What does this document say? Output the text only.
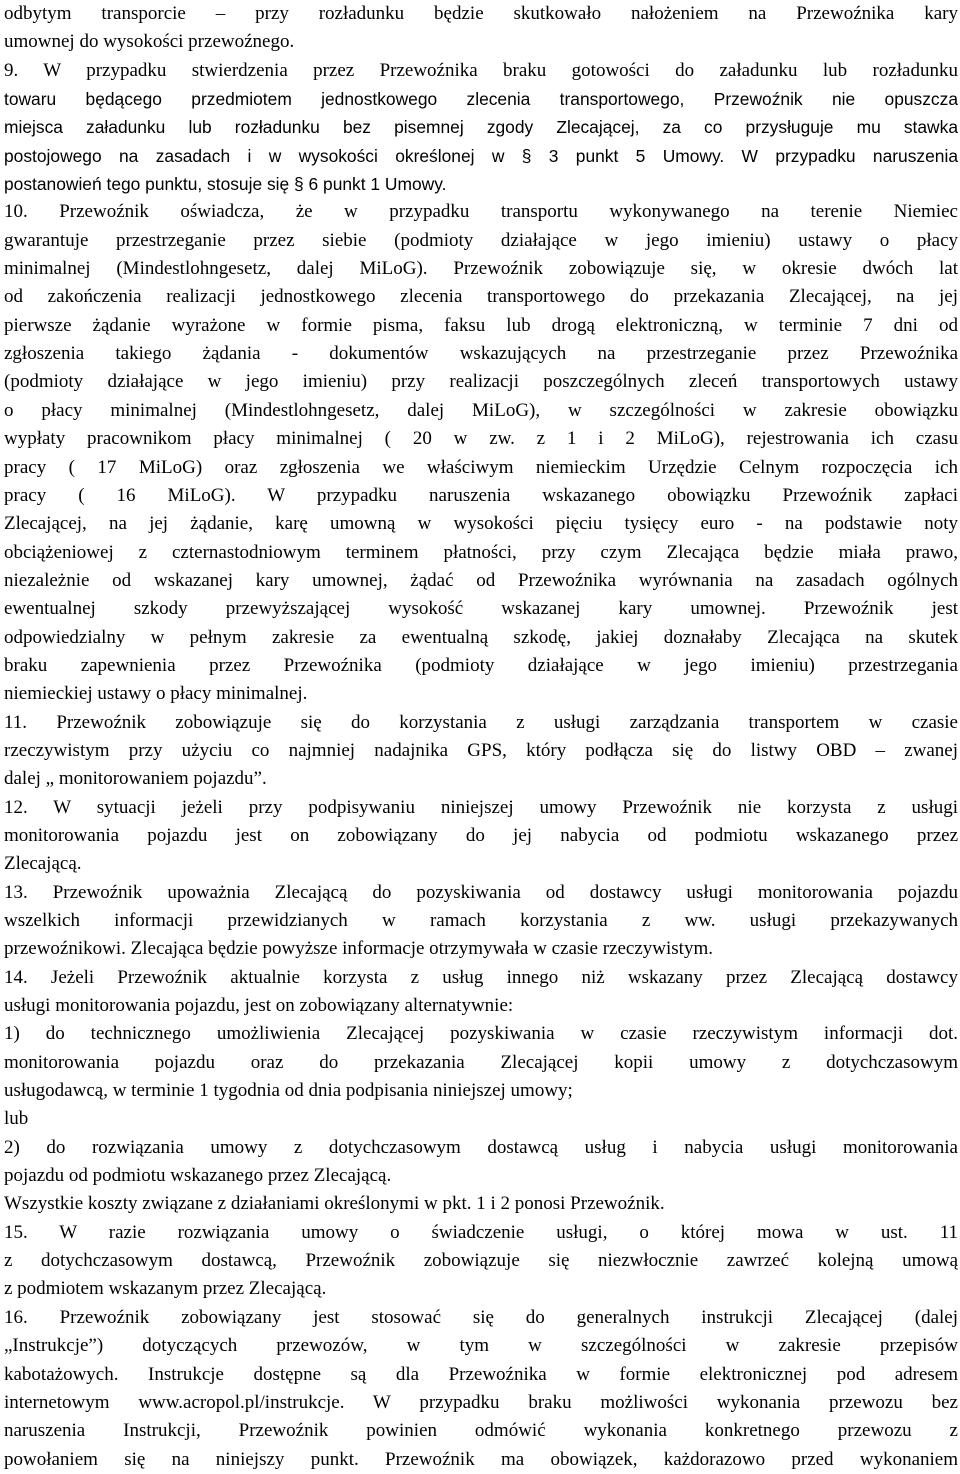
odbytym transporcie – przy rozładunku będzie skutkowało nałożeniem na Przewoźnika kary
umownej do wysokości przewoźnego.
9. W przypadku stwierdzenia przez Przewoźnika braku gotowości do załadunku lub rozładunku
towaru będącego przedmiotem jednostkowego zlecenia transportowego, Przewoźnik nie opuszcza
miejsca załadunku lub rozładunku bez pisemnej zgody Zlecającej, za co przysługuje mu stawka
postojowego na zasadach i w wysokości określonej w § 3 punkt 5 Umowy. W przypadku naruszenia
postanowień tego punktu, stosuje się § 6 punkt 1 Umowy.
10. Przewoźnik oświadcza, że w przypadku transportu wykonywanego na terenie Niemiec
gwarantuje przestrzeganie przez siebie (podmioty działające w jego imieniu) ustawy o płacy
minimalnej (Mindestlohngesetz, dalej MiLoG). Przewoźnik zobowiązuje się, w okresie dwóch lat
od zakończenia realizacji jednostkowego zlecenia transportowego do przekazania Zlecającej, na jej
pierwsze żądanie wyrażone w formie pisma, faksu lub drogą elektroniczną, w terminie 7 dni od
zgłoszenia takiego żądania - dokumentów wskazujących na przestrzeganie przez Przewoźnika
(podmioty działające w jego imieniu) przy realizacji poszczególnych zleceń transportowych ustawy
o płacy minimalnej (Mindestlohngesetz, dalej MiLoG), w szczególności w zakresie obowiązku
wypłaty pracownikom płacy minimalnej ( 20 w zw. z 1 i 2 MiLoG), rejestrowania ich czasu
pracy ( 17 MiLoG) oraz zgłoszenia we właściwym niemieckim Urzędzie Celnym rozpoczęcia ich
pracy ( 16 MiLoG). W przypadku naruszenia wskazanego obowiązku Przewoźnik zapłaci
Zlecającej, na jej żądanie, karę umowną w wysokości pięciu tysięcy euro - na podstawie noty
obciążeniowej z czternastodniowym terminem płatności, przy czym Zlecająca będzie miała prawo,
niezależnie od wskazanej kary umownej, żądać od Przewoźnika wyrównania na zasadach ogólnych
ewentualnej szkody przewyższającej wysokość wskazanej kary umownej. Przewoźnik jest
odpowiedzialny w pełnym zakresie za ewentualną szkodę, jakiej doznałaby Zlecająca na skutek
braku zapewnienia przez Przewoźnika (podmioty działające w jego imieniu) przestrzegania
niemieckiej ustawy o płacy minimalnej.
11. Przewoźnik zobowiązuje się do korzystania z usługi zarządzania transportem w czasie
rzeczywistym przy użyciu co najmniej nadajnika GPS, który podłącza się do listwy OBD – zwanej
dalej „ monitorowaniem pojazdu”.
12. W sytuacji jeżeli przy podpisywaniu niniejszej umowy Przewoźnik nie korzysta z usługi
monitorowania pojazdu jest on zobowiązany do jej nabycia od podmiotu wskazanego przez
Zlecającą.
13. Przewoźnik upoważnia Zlecającą do pozyskiwania od dostawcy usługi monitorowania pojazdu
wszelkich informacji przewidzianych w ramach korzystania z ww. usługi przekazywanych
przewoźnikowi. Zlecająca będzie powyższe informacje otrzymywała w czasie rzeczywistym.
14. Jeżeli Przewoźnik aktualnie korzysta z usług innego niż wskazany przez Zlecającą dostawcy
usługi monitorowania pojazdu, jest on zobowiązany alternatywnie:
1) do technicznego umożliwienia Zlecającej pozyskiwania w czasie rzeczywistym informacji dot.
monitorowania pojazdu oraz do przekazania Zlecającej kopii umowy z dotychczasowym
usługodawcą, w terminie 1 tygodnia od dnia podpisania niniejszej umowy;
lub
2) do rozwiązania umowy z dotychczasowym dostawcą usług i nabycia usługi monitorowania
pojazdu od podmiotu wskazanego przez Zlecającą.
Wszystkie koszty związane z działaniami określonymi w pkt. 1 i 2 ponosi Przewoźnik.
15. W razie rozwiązania umowy o świadczenie usługi, o której mowa w ust. 11
z dotychczasowym dostawcą, Przewoźnik zobowiązuje się niezwłocznie zawrzeć kolejną umową
z podmiotem wskazanym przez Zlecającą.
16. Przewoźnik zobowiązany jest stosować się do generalnych instrukcji Zlecającej (dalej
„Instrukcje”) dotyczących przewozów, w tym w szczególności w zakresie przepisów
kabotażowych. Instrukcje dostępne są dla Przewoźnika w formie elektronicznej pod adresem
internetowym www.acropol.pl/instrukcje. W przypadku braku możliwości wykonania przewozu bez
naruszenia Instrukcji, Przewoźnik powinien odmówić wykonania konkretnego przewozu z
powołaniem się na niniejszy punkt. Przewoźnik ma obowiązek, każdorazowo przed wykonaniem
